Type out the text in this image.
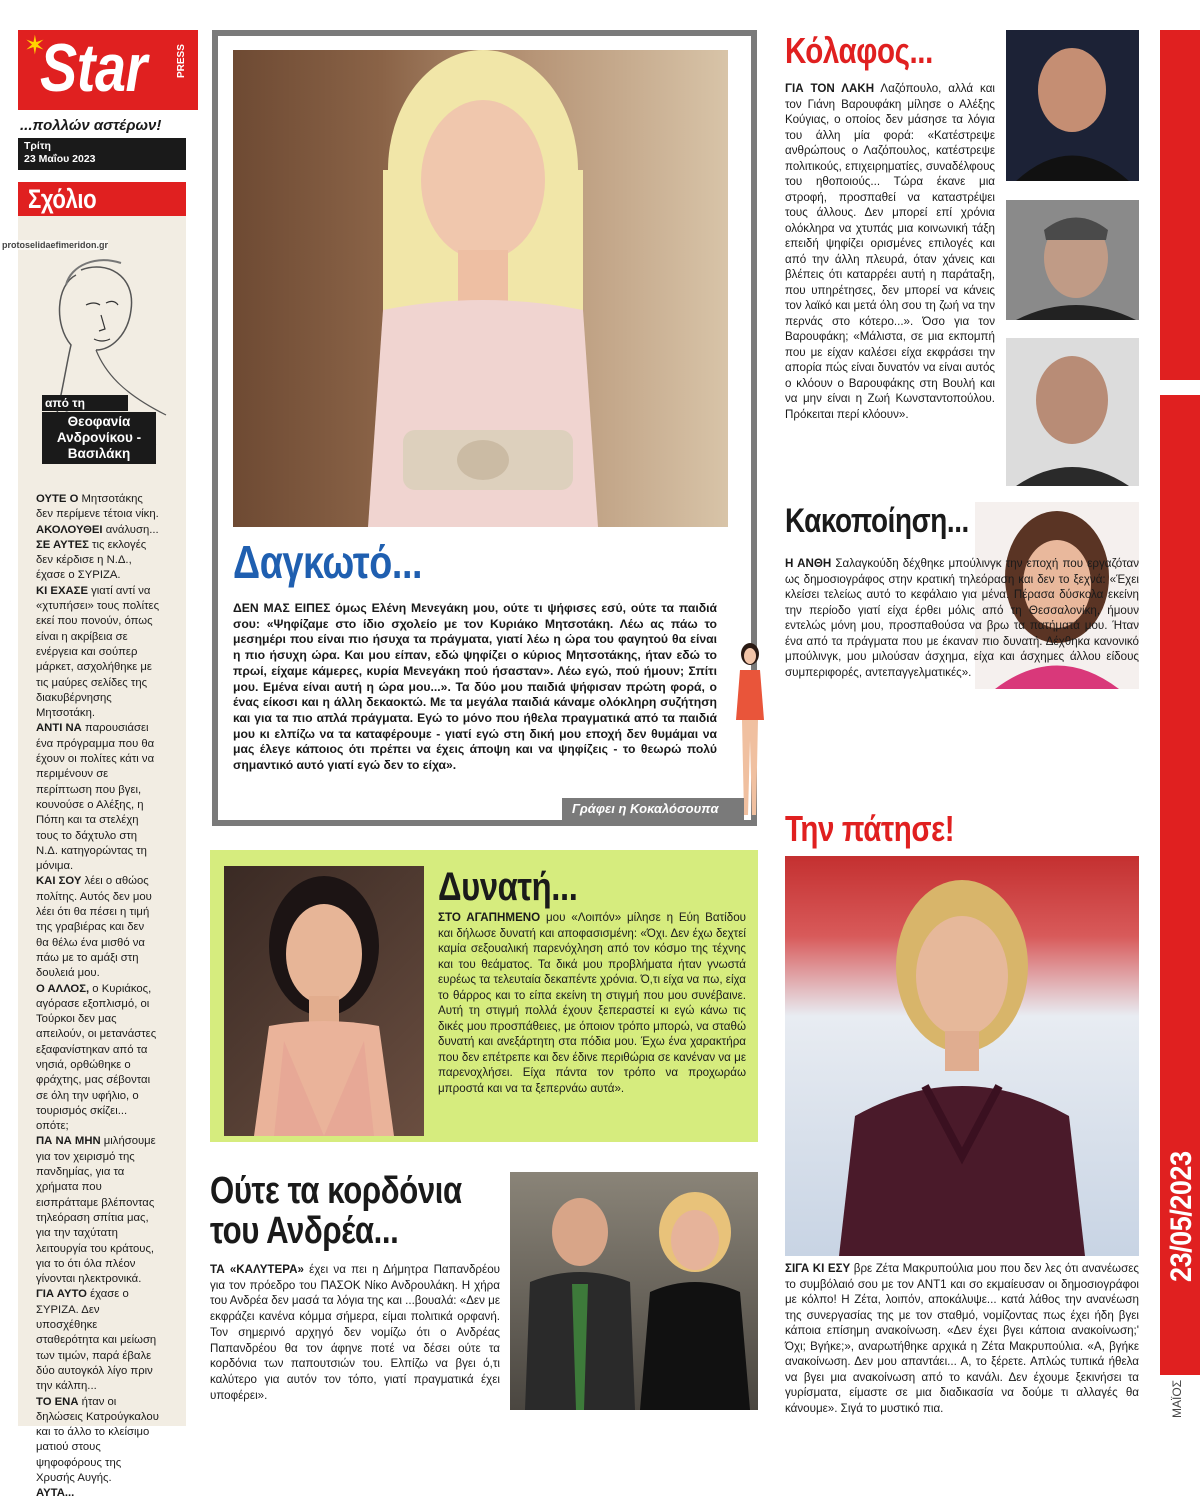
✶
Star	PRESS
...πολλών αστέρων!
Τρίτη
23 Μαΐου 2023
Σχόλιο
protoselidaefimeridon.gr
από τη
Θεοφανία Ανδρονίκου - Βασιλάκη

ΟΥΤΕ Ο Μητσοτάκης δεν περίμενε τέτοια νίκη.

ΑΚΟΛΟΥΘΕΙ ανάλυση...

ΣΕ ΑΥΤΕΣ τις εκλογές δεν κέρδισε η Ν.Δ., έχασε ο ΣΥΡΙΖΑ.

ΚΙ ΕΧΑΣΕ γιατί αντί να «χτυπήσει» τους πολίτες εκεί που πονούν, όπως είναι η ακρίβεια σε ενέργεια και σούπερ μάρκετ, ασχολήθηκε με τις μαύρες σελίδες της διακυβέρνησης Μητσοτάκη.

ΑΝΤΙ ΝΑ παρουσιάσει ένα πρόγραμμα που θα έχουν οι πολίτες κάτι να περιμένουν σε περίπτωση που βγει, κουνούσε ο Αλέξης, η Πόπη και τα στελέχη τους το δάχτυλο στη Ν.Δ. κατηγορώντας τη μόνιμα.

ΚΑΙ ΣΟΥ λέει ο αθώος πολίτης. Αυτός δεν μου λέει ότι θα πέσει η τιμή της γραβιέρας και δεν θα θέλω ένα μισθό να πάω με το αμάξι στη δουλειά μου.

Ο ΑΛΛΟΣ, ο Κυριάκος, αγόρασε εξοπλισμό, οι Τούρκοι δεν μας απειλούν, οι μετανάστες εξαφανίστηκαν από τα νησιά, ορθώθηκε ο φράχτης, μας σέβονται σε όλη την υφήλιο, ο τουρισμός σκίζει... οπότε;

ΠΑ ΝΑ ΜΗΝ μιλήσουμε για τον χειρισμό της πανδημίας, για τα χρήματα που εισπράτταμε βλέποντας τηλεόραση σπίτια μας, για την ταχύτατη λειτουργία του κράτους, για το ότι όλα πλέον γίνονται ηλεκτρονικά.

ΓΙΑ ΑΥΤΟ έχασε ο ΣΥΡΙΖΑ. Δεν υποσχέθηκε σταθερότητα και μείωση των τιμών, παρά έβαλε δύο αυτογκόλ λίγο πριν την κάλπη...

ΤΟ ΕΝΑ ήταν οι δηλώσεις Κατρούγκαλου και το άλλο το κλείσιμο ματιού στους ψηφοφόρους της Χρυσής Αυγής.

ΑΥΤΑ...

Δαγκωτό...
ΔΕΝ ΜΑΣ ΕΙΠΕΣ όμως Ελένη Μενεγάκη μου, ούτε τι ψήφισες εσύ, ούτε τα παιδιά σου: «Ψηφίζαμε στο ίδιο σχολείο με τον Κυριάκο Μητσοτάκη. Λέω ας πάω το μεσημέρι που είναι πιο ήσυχα τα πράγματα, γιατί λέω η ώρα του φαγητού θα είναι η πιο ήσυχη ώρα. Και μου είπαν, εδώ ψηφίζει ο κύριος Μητσοτάκης, ήταν εδώ το πρωί, είχαμε κάμερες, κυρία Μενεγάκη πού ήσασταν». Λέω εγώ, πού ήμουν; Σπίτι μου. Εμένα είναι αυτή η ώρα μου...». Τα δύο μου παιδιά ψήφισαν πρώτη φορά, ο ένας είκοσι και η άλλη δεκαοκτώ. Με τα μεγάλα παιδιά κάναμε ολόκληρη συζήτηση και για τα πιο απλά πράγματα. Εγώ το μόνο που ήθελα πραγματικά από τα παιδιά μου κι ελπίζω να τα καταφέρουμε - γιατί εγώ στη δική μου εποχή δεν θυμάμαι να μας έλεγε κάποιος ότι πρέπει να έχεις άποψη και να ψηφίζεις - το θεωρώ πολύ σημαντικό αυτό γιατί εγώ δεν το είχα».
Γράφει η Κοκαλόσουπα
Δυνατή...
ΣΤΟ ΑΓΑΠΗΜΕΝΟ μου «Λοιπόν» μίλησε η Εύη Βατίδου και δήλωσε δυνατή και αποφασισμένη: «Όχι. Δεν έχω δεχτεί καμία σεξουαλική παρενόχληση από τον κόσμο της τέχνης και του θεάματος. Τα δικά μου προβλήματα ήταν γνωστά ευρέως τα τελευταία δεκαπέντε χρόνια. Ό,τι είχα να πω, είχα το θάρρος και το είπα εκείνη τη στιγμή που μου συνέβαινε. Αυτή τη στιγμή πολλά έχουν ξεπεραστεί κι εγώ κάνω τις δικές μου προσπάθειες, με όποιον τρόπο μπορώ, να σταθώ δυνατή και ανεξάρτητη στα πόδια μου. Έχω ένα χαρακτήρα που δεν επέτρεπε και δεν έδινε περιθώρια σε κανέναν να με παρενοχλήσει. Είχα πάντα τον τρόπο να προχωράω μπροστά και να τα ξεπερνάω αυτά».
Ούτε τα κορδόνια
του Ανδρέα...
ΤΑ «ΚΑΛΥΤΕΡΑ» έχει να πει η Δήμητρα Παπανδρέου για τον πρόεδρο του ΠΑΣΟΚ Νίκο Ανδρουλάκη. Η χήρα του Ανδρέα δεν μασά τα λόγια της και ...βουαλά: «Δεν με εκφράζει κανένα κόμμα σήμερα, είμαι πολιτικά ορφανή. Τον σημερινό αρχηγό δεν νομίζω ότι ο Ανδρέας Παπανδρέου θα τον άφηνε ποτέ να δέσει ούτε τα κορδόνια των παπουτσιών του. Ελπίζω να βγει ό,τι καλύτερο για αυτόν τον τόπο, γιατί πραγματικά έχει υποφέρει».
Κόλαφος...
ΓΙΑ ΤΟΝ ΛΑΚΗ Λαζόπουλο, αλλά και τον Γιάνη Βαρουφάκη μίλησε ο Αλέξης Κούγιας, ο οποίος δεν μάσησε τα λόγια του άλλη μία φορά: «Κατέστρεψε ανθρώπους ο Λαζόπουλος, κατέστρεψε πολιτικούς, επιχειρηματίες, συναδέλφους του ηθοποιούς... Τώρα έκανε μια στροφή, προσπαθεί να καταστρέψει τους άλλους. Δεν μπορεί επί χρόνια ολόκληρα να χτυπάς μια κοινωνική τάξη επειδή ψηφίζει ορισμένες επιλογές και από την άλλη πλευρά, όταν χάνεις και βλέπεις ότι καταρρέει αυτή η παράταξη, που υπηρέτησες, δεν μπορεί να κάνεις τον λαϊκό και μετά όλη σου τη ζωή να την περνάς στο κότερο...». Όσο για τον Βαρουφάκη; «Μάλιστα, σε μια εκπομπή που με είχαν καλέσει είχα εκφράσει την απορία πώς είναι δυνατόν να είναι αυτός ο κλόουν ο Βαρουφάκης στη Βουλή και να μην είναι η Ζωή Κωνσταντοπούλου. Πρόκειται περί κλόουν».
Κακοποίηση...
Η ΑΝΘΗ Σαλαγκούδη δέχθηκε μπούλινγκ την εποχή που εργαζόταν ως δημοσιογράφος στην κρατική τηλεόραση και δεν το ξεχνά: «Έχει κλείσει τελείως αυτό το κεφάλαιο για μένα. Πέρασα δύσκολα εκείνη την περίοδο γιατί είχα έρθει μόλις από τη Θεσσαλονίκη, ήμουν εντελώς μόνη μου, προσπαθούσα να βρω τα πατήματά μου. Ήταν ένα από τα πράγματα που με έκαναν πιο δυνατή. Δέχθηκα κανονικό μπούλινγκ, μου μιλούσαν άσχημα, είχα και άσχημες άλλου είδους συμπεριφορές, αντεπαγγελματικές».
Την πάτησε!
ΣΙΓΑ ΚΙ ΕΣΥ βρε Ζέτα Μακρυπούλια μου που δεν λες ότι ανανέωσες το συμβόλαιό σου με τον ΑΝΤ1 και σο εκμαίευσαν οι δημοσιογράφοι με κόλπο! Η Ζέτα, λοιπόν, αποκάλυψε... κατά λάθος την ανανέωση της συνεργασίας της με τον σταθμό, νομίζοντας πως έχει ήδη βγει κάποια επίσημη ανακοίνωση. «Δεν έχει βγει κάποια ανακοίνωση;' Όχι; Βγήκε;», αναρωτήθηκε αρχικά η Ζέτα Μακρυπούλια. «Α, βγήκε ανακοίνωση. Δεν μου απαντάει... Α, το ξέρετε. Απλώς τυπικά ήθελα να βγει μια ανακοίνωση από το κανάλι. Δεν έχουμε ξεκινήσει τα γυρίσματα, είμαστε σε μια διαδικασία να δούμε τι αλλαγές θα κάνουμε». Σιγά το μυστικό πια.
23/05/2023
ΜΑΪΟΣ
